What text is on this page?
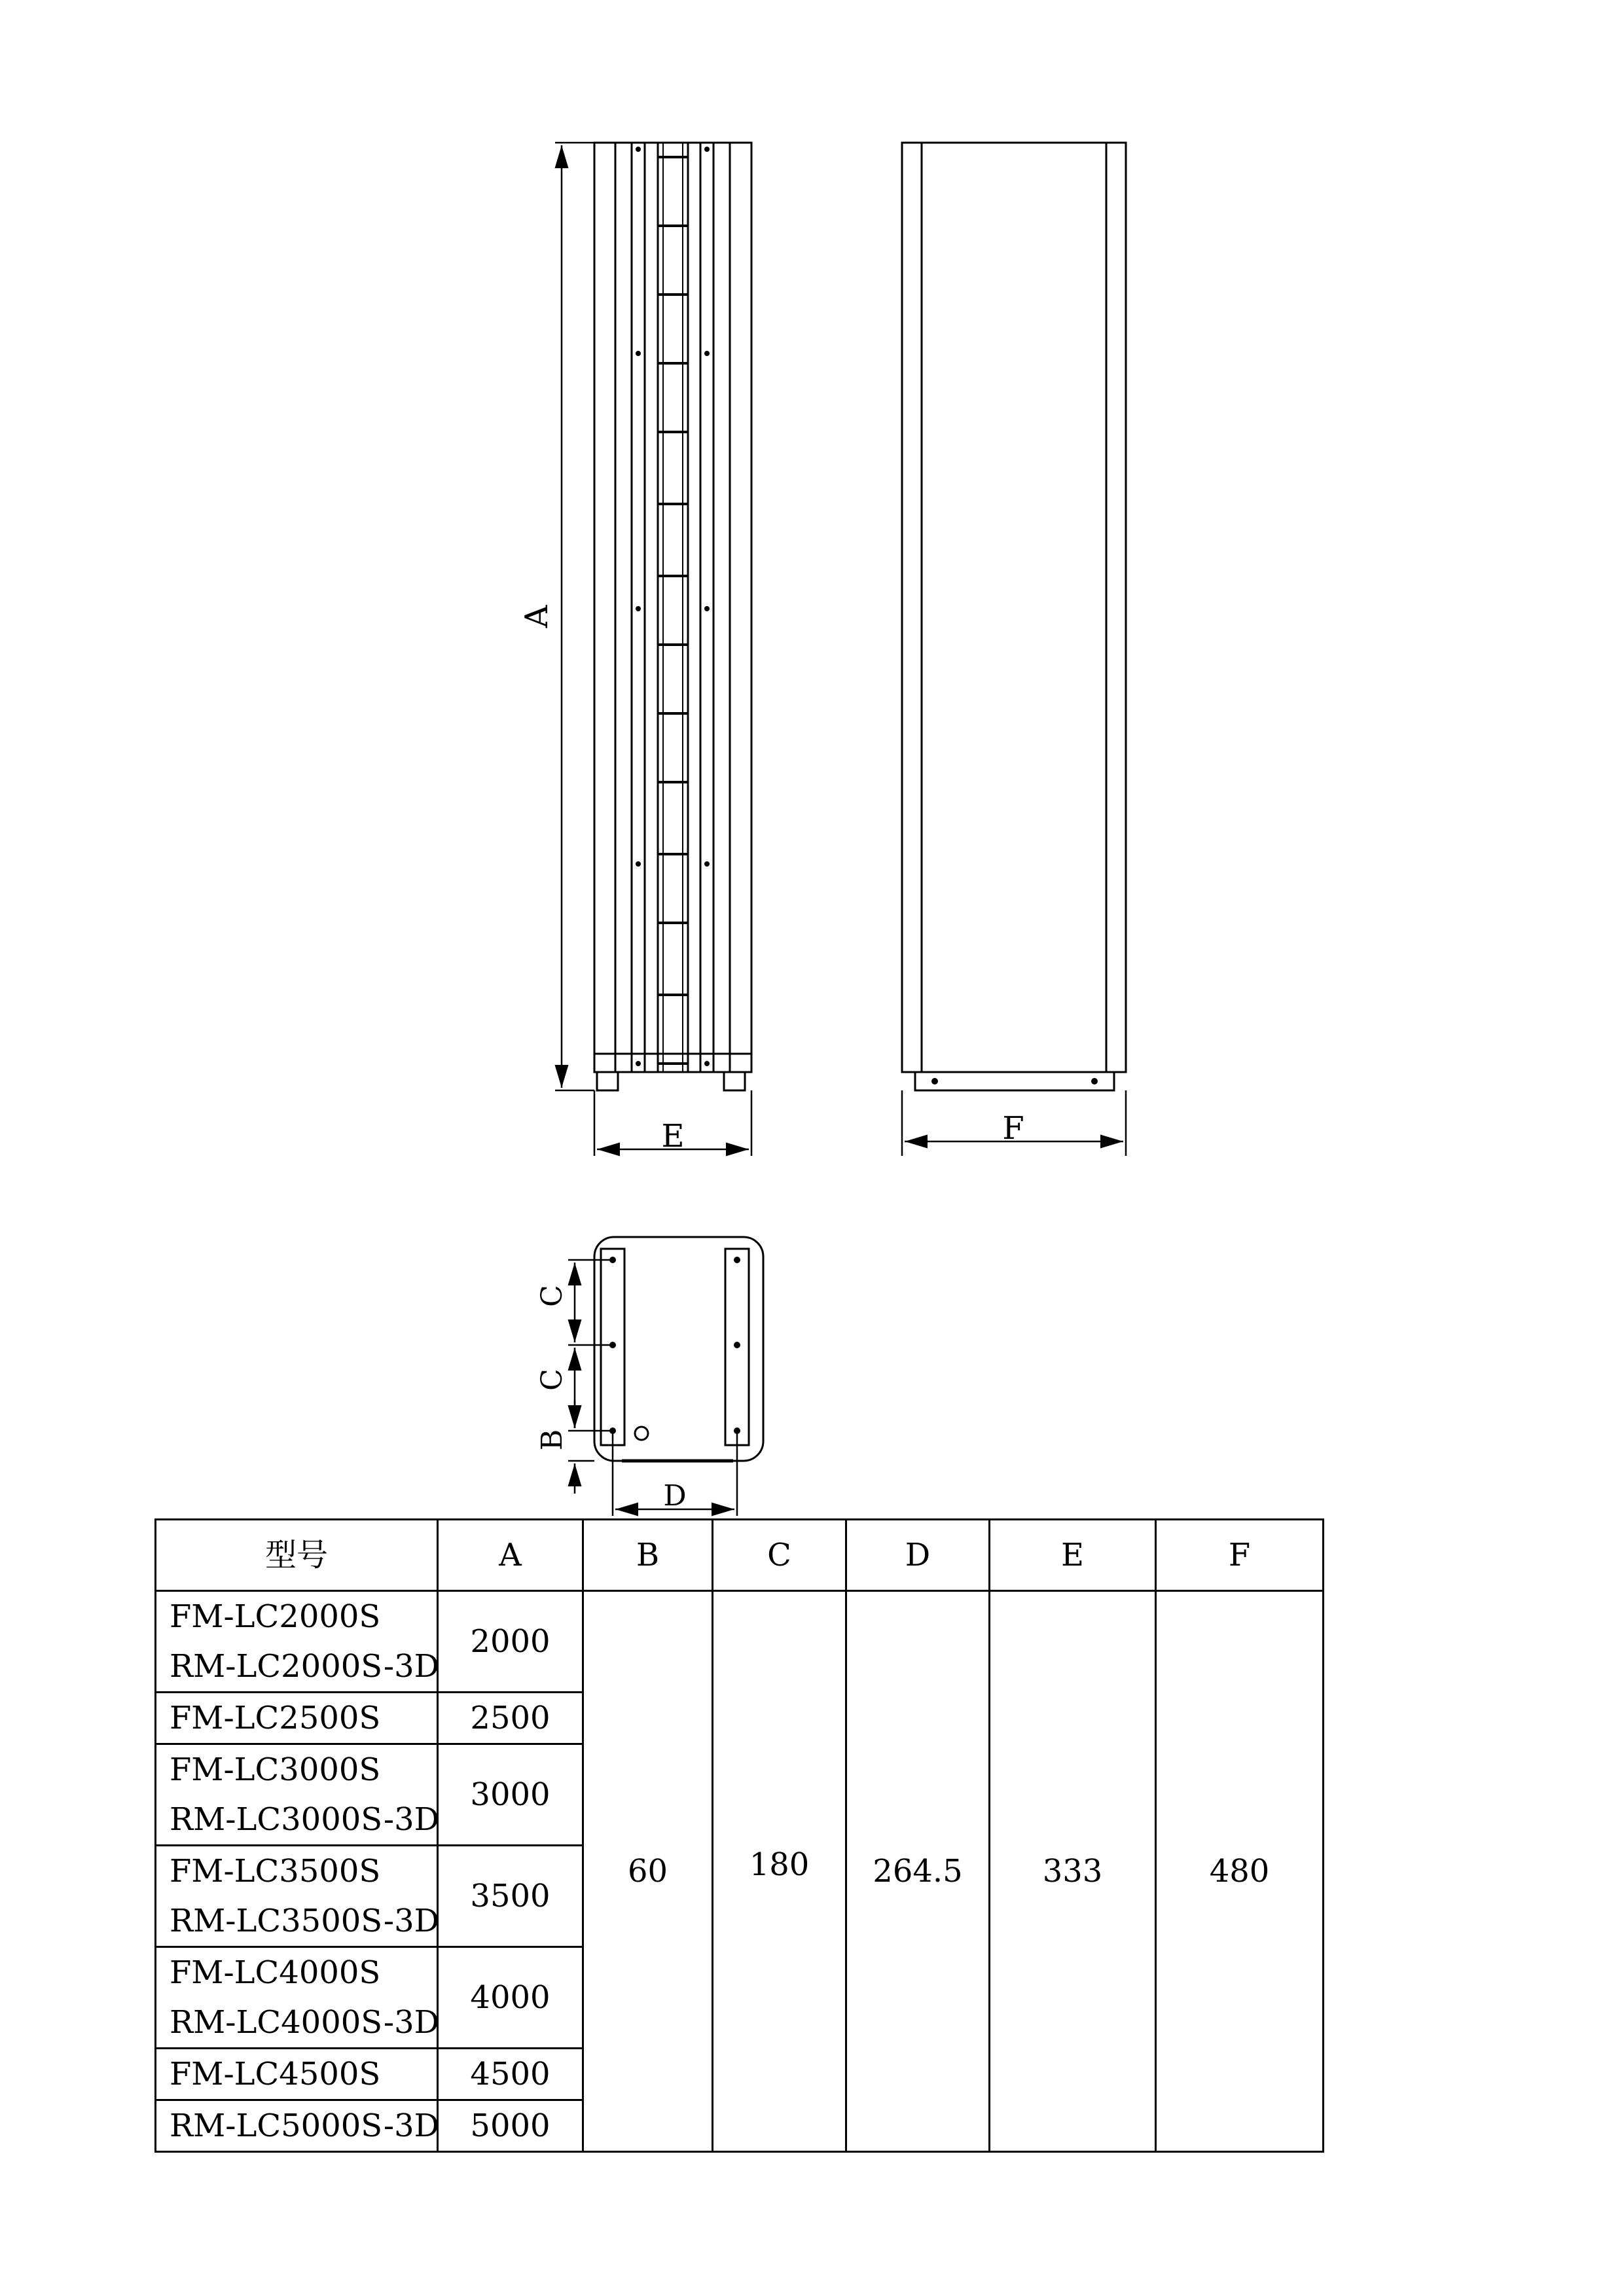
A
E	F
C
C
B
D
型号	A	B	C	D	E	F

FM-LC2000S
RM-LC2000S-3D	2000	60	180	264.5	333	480

FM-LC2500S	2500					

FM-LC3000S
RM-LC3000S-3D	3000					

FM-LC3500S
RM-LC3500S-3D	3500					

FM-LC4000S
RM-LC4000S-3D	4000					

FM-LC4500S	4500					

RM-LC5000S-3D	5000					
